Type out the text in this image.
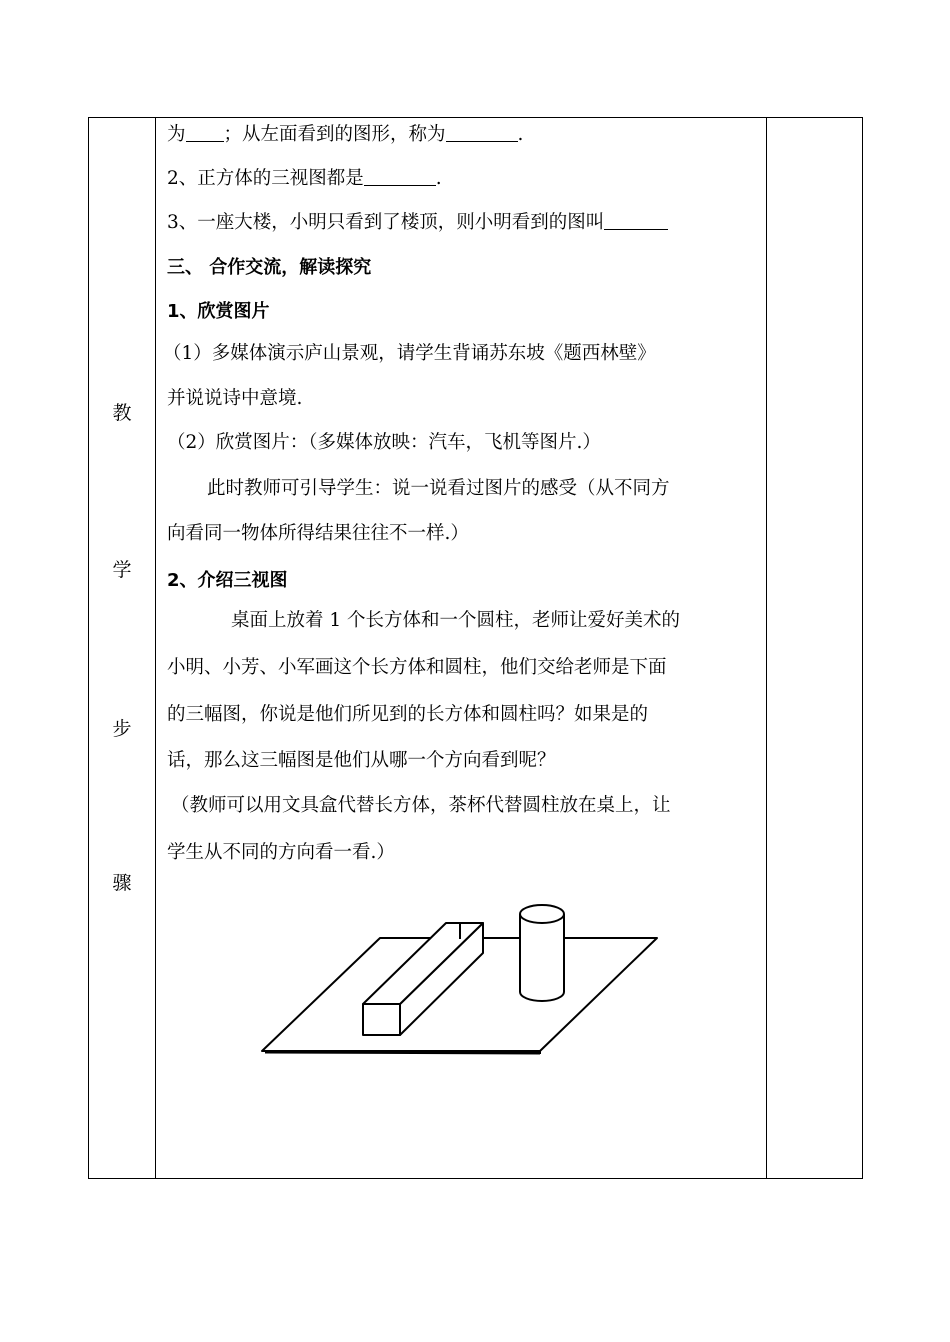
教
学
步
骤
为 ；从左面看到的图形，称为	.
2、正方体的三视图都是	.
3、一座大楼，小明只看到了楼顶，则小明看到的图叫
三、 合作交流，解读探究
1、欣赏图片
（1）多媒体演示庐山景观，请学生背诵苏东坡《题西林壁》
并说说诗中意境.
（2）欣赏图片：（多媒体放映：汽车，飞机等图片.）
此时教师可引导学生：说一说看过图片的感受（从不同方
向看同一物体所得结果往往不一样.）
2、介绍三视图
桌面上放着 1 个长方体和一个圆柱，老师让爱好美术的
小明、小芳、小军画这个长方体和圆柱，他们交给老师是下面
的三幅图，你说是他们所见到的长方体和圆柱吗？如果是的
话，那么这三幅图是他们从哪一个方向看到呢？
（教师可以用文具盒代替长方体，茶杯代替圆柱放在桌上，让
学生从不同的方向看一看.）
